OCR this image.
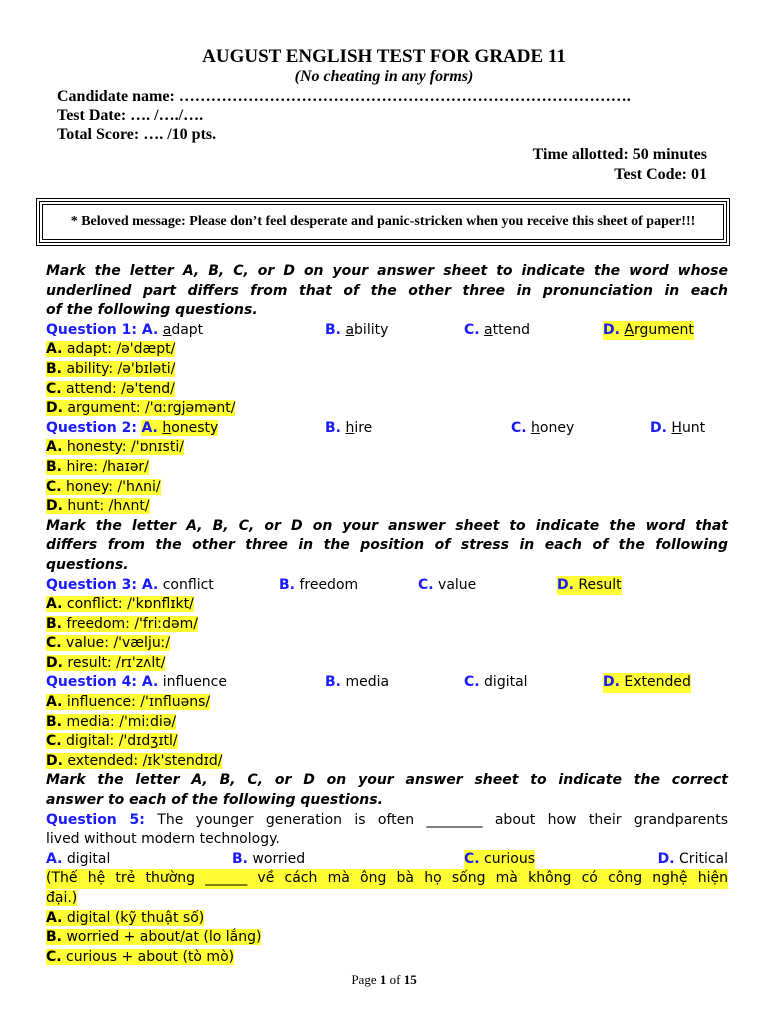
AUGUST ENGLISH TEST FOR GRADE 11
(No cheating in any forms)
Candidate name: ………………………………………………………………………….
Test Date: …. /…./….
Total Score: …. /10 pts.
Time allotted: 50 minutes
Test Code: 01
* Beloved message: Please don’t feel desperate and panic-stricken when you receive this sheet of paper!!!
Mark the letter A, B, C, or D on your answer sheet to indicate the word whose
underlined part differs from that of the other three in pronunciation in each
of the following questions.
Question 1: A. adapt	B. ability	C. attend	D. Argument
A. adapt: /ə'dæpt/
B. ability: /ə'bɪləti/
C. attend: /ə'tend/
D. argument: /'ɑːrgjəmənt/
Question 2: A. honesty	B. hire	C. honey	D. Hunt
A. honesty: /'ɒnɪsti/
B. hire: /haɪər/
C. honey: /'hʌni/
D. hunt: /hʌnt/
Mark the letter A, B, C, or D on your answer sheet to indicate the word that
differs from the other three in the position of stress in each of the following
questions.
Question 3: A. conflict	B. freedom	C. value	D. Result
A. conflict: /'kɒnflɪkt/
B. freedom: /'friːdəm/
C. value: /'væljuː/
D. result: /rɪ'zʌlt/
Question 4: A. influence	B. media	C. digital	D. Extended
A. influence: /'ɪnfluəns/
B. media: /'miːdiə/
C. digital: /'dɪdʒɪtl/
D. extended: /ɪk'stendɪd/
Mark the letter A, B, C, or D on your answer sheet to indicate the correct
answer to each of the following questions.
Question 5: The younger generation is often ________ about how their grandparents
lived without modern technology.
A. digital	B. worried	C. curious	D. Critical
(Thế hệ trẻ thường ______ về cách mà ông bà họ sống mà không có công nghệ hiện
đại.)
A. digital (kỹ thuật số)
B. worried + about/at (lo lắng)
C. curious + about (tò mò)
Page 1 of 15
